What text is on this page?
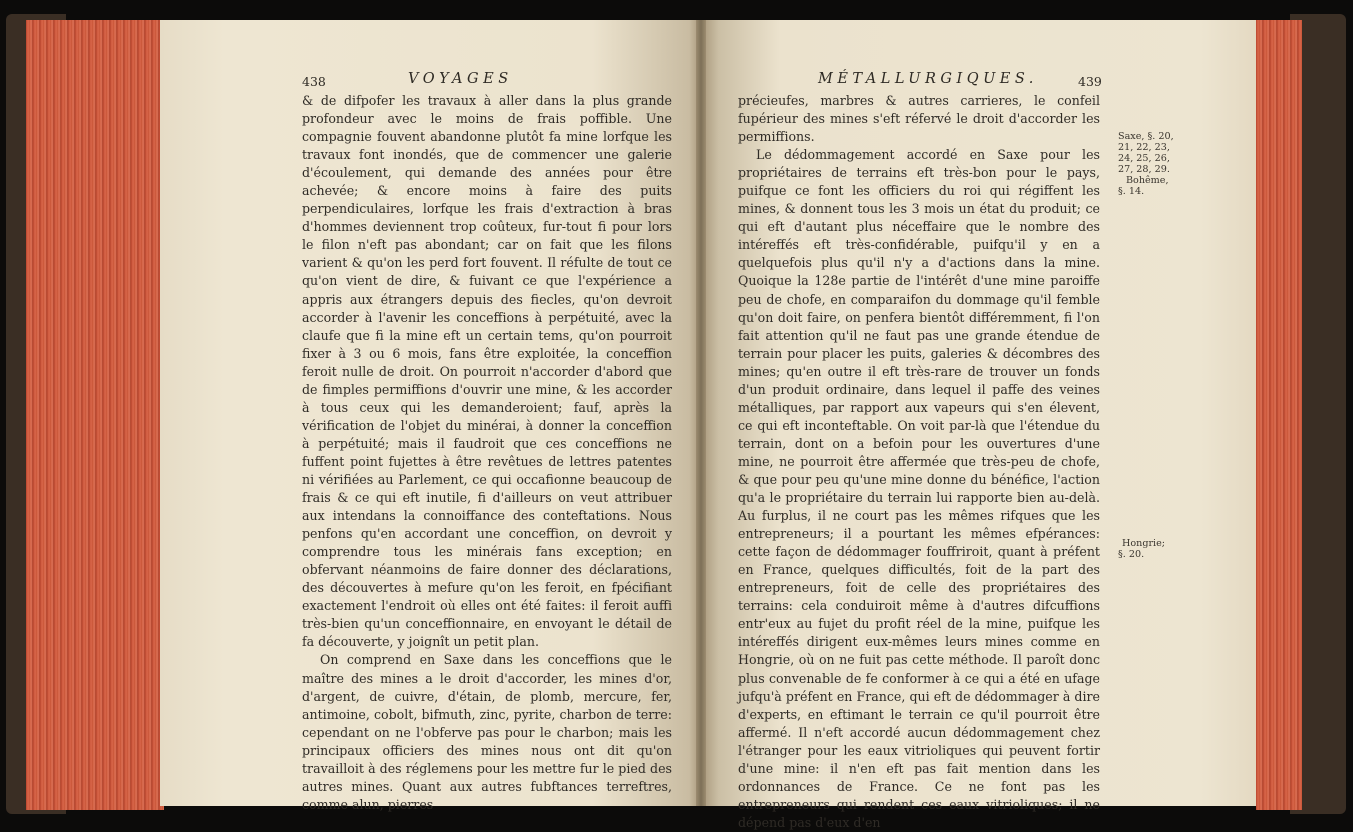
438	VOYAGES

& de difpofer les travaux à aller dans la plus grande profondeur avec le moins de frais poffible. Une compagnie fouvent abandonne plutôt fa mine lorfque les travaux font inondés, que de commencer une galerie d'écoulement, qui demande des années pour être achevée; & encore moins à faire des puits perpendiculaires, lorfque les frais d'extraction à bras d'hommes deviennent trop coûteux, fur-tout fi pour lors le filon n'eft pas abondant; car on fait que les filons varient & qu'on les perd fort fouvent. Il réfulte de tout ce qu'on vient de dire, & fuivant ce que l'expérience a appris aux étrangers depuis des fiecles, qu'on devroit accorder à l'avenir les conceffions à perpétuité, avec la claufe que fi la mine eft un certain tems, qu'on pourroit fixer à 3 ou 6 mois, fans être exploitée, la conceffion feroit nulle de droit. On pourroit n'accorder d'abord que de fimples permiffions d'ouvrir une mine, & les accorder à tous ceux qui les demanderoient; fauf, après la vérification de l'objet du minérai, à donner la conceffion à perpétuité; mais il faudroit que ces conceffions ne fuffent point fujettes à être revêtues de lettres patentes ni vérifiées au Parlement, ce qui occafionne beaucoup de frais & ce qui eft inutile, fi d'ailleurs on veut attribuer aux intendans la connoiffance des conteftations. Nous penfons qu'en accordant une conceffion, on devroit y comprendre tous les minérais fans exception; en obfervant néanmoins de faire donner des déclarations, des découvertes à mefure qu'on les feroit, en fpécifiant exactement l'endroit où elles ont été faites: il feroit auffi très-bien qu'un conceffionnaire, en envoyant le détail de fa découverte, y joignît un petit plan.

On comprend en Saxe dans les conceffions que le maître des mines a le droit d'accorder, les mines d'or, d'argent, de cuivre, d'étain, de plomb, mercure, fer, antimoine, cobolt, bifmuth, zinc, pyrite, charbon de terre: cependant on ne l'obferve pas pour le charbon; mais les principaux officiers des mines nous ont dit qu'on travailloit à des réglemens pour les mettre fur le pied des autres mines. Quant aux autres fubftances terreftres, comme alun, pierres

MÉTALLURGIQUES.	439

précieufes, marbres & autres carrieres, le confeil fupérieur des mines s'eft réfervé le droit d'accorder les permiffions.

Le dédommagement accordé en Saxe pour les propriétaires de terrains eft très-bon pour le pays, puifque ce font les officiers du roi qui régiffent les mines, & donnent tous les 3 mois un état du produit; ce qui eft d'autant plus néceffaire que le nombre des intéreffés eft très-confidérable, puifqu'il y en a quelquefois plus qu'il n'y a d'actions dans la mine. Quoique la 128e partie de l'intérêt d'une mine paroiffe peu de chofe, en comparaifon du dommage qu'il femble qu'on doit faire, on penfera bientôt différemment, fi l'on fait attention qu'il ne faut pas une grande étendue de terrain pour placer les puits, galeries & décombres des mines; qu'en outre il eft très-rare de trouver un fonds d'un produit ordinaire, dans lequel il paffe des veines métalliques, par rapport aux vapeurs qui s'en élevent, ce qui eft inconteftable. On voit par-là que l'étendue du terrain, dont on a befoin pour les ouvertures d'une mine, ne pourroit être affermée que très-peu de chofe, & que pour peu qu'une mine donne du bénéfice, l'action qu'a le propriétaire du terrain lui rapporte bien au-delà. Au furplus, il ne court pas les mêmes rifques que les entrepreneurs; il a pourtant les mêmes efpérances: cette façon de dédommager fouffriroit, quant à préfent en France, quelques difficultés, foit de la part des entrepreneurs, foit de celle des propriétaires des terrains: cela conduiroit même à d'autres difcuffions entr'eux au fujet du profit réel de la mine, puifque les intéreffés dirigent eux-mêmes leurs mines comme en Hongrie, où on ne fuit pas cette méthode. Il paroît donc plus convenable de fe conformer à ce qui a été en ufage jufqu'à préfent en France, qui eft de dédommager à dire d'experts, en eftimant le terrain ce qu'il pourroit être affermé. Il n'eft accordé aucun dédommagement chez l'étranger pour les eaux vitrioliques qui peuvent fortir d'une mine: il n'en eft pas fait mention dans les ordonnances de France. Ce ne font pas les entrepreneurs qui rendent ces eaux vitrioliques; il ne dépend pas d'eux d'en

Saxe, §. 20,
21, 22, 23,
24, 25, 26,
27, 28, 29.
Bohême,
§. 14.
Hongrie;
§. 20.
